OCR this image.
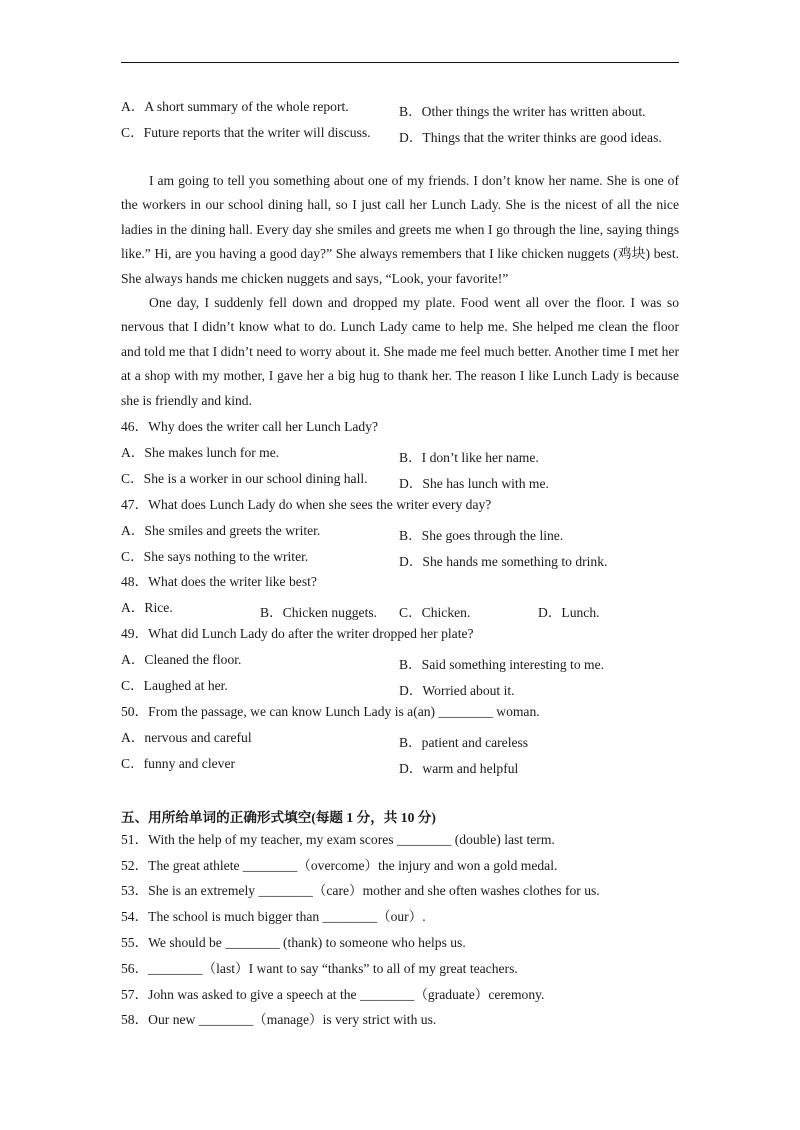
A．A short summary of the whole report.	B．Other things the writer has written about.
C．Future reports that the writer will discuss. D．Things that the writer thinks are good ideas.

I am going to tell you something about one of my friends. I don’t know her name. She is one of the workers in our school dining hall, so I just call her Lunch Lady. She is the nicest of all the nice ladies in the dining hall. Every day she smiles and greets me when I go through the line, saying things like.” Hi, are you having a good day?” She always remembers that I like chicken nuggets (鸡块) best. She always hands me chicken nuggets and says, “Look, your favorite!”

One day, I suddenly fell down and dropped my plate. Food went all over the floor. I was so nervous that I didn’t know what to do. Lunch Lady came to help me. She helped me clean the floor and told me that I didn’t need to worry about it. She made me feel much better. Another time I met her at a shop with my mother, I gave her a big hug to thank her. The reason I like Lunch Lady is because she is friendly and kind.

46．Why does the writer call her Lunch Lady?
A．She makes lunch for me.	B．I don’t like her name.
C．She is a worker in our school dining hall. D．She has lunch with me.
47．What does Lunch Lady do when she sees the writer every day?
A．She smiles and greets the writer.	B．She goes through the line.
C．She says nothing to the writer.	D．She hands me something to drink.
48．What does the writer like best?
A．Rice.	B．Chicken nuggets. C．Chicken.	D．Lunch.
49．What did Lunch Lady do after the writer dropped her plate?
A．Cleaned the floor.	B．Said something interesting to me.
C．Laughed at her.	D．Worried about it.
50．From the passage, we can know Lunch Lady is a(an) ________ woman.
A．nervous and careful	B．patient and careless
C．funny and clever	D．warm and helpful
五、用所给单词的正确形式填空(每题 1 分，共 10 分)
51．With the help of my teacher, my exam scores ________ (double) last term.
52．The great athlete ________（overcome）the injury and won a gold medal.
53．She is an extremely ________（care）mother and she often washes clothes for us.
54．The school is much bigger than ________（our）.
55．We should be ________ (thank) to someone who helps us.
56．________（last）I want to say “thanks” to all of my great teachers.
57．John was asked to give a speech at the ________（graduate）ceremony.
58．Our new ________（manage）is very strict with us.
